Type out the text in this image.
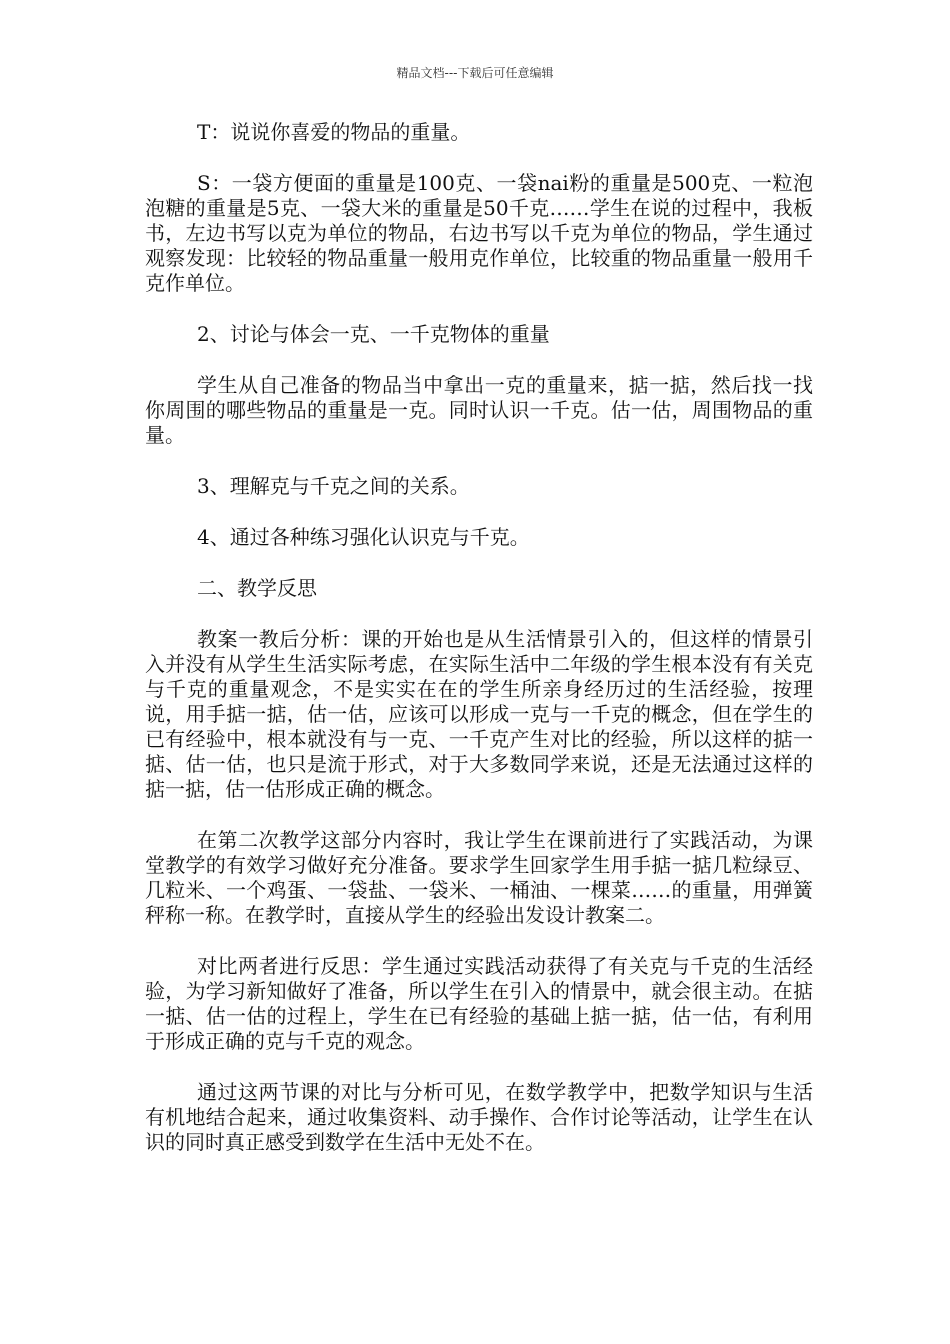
精品文档---下载后可任意编辑

T：说说你喜爱的物品的重量。

S：一袋方便面的重量是100克、一袋nai粉的重量是500克、一粒泡泡糖的重量是5克、一袋大米的重量是50千克……学生在说的过程中，我板书，左边书写以克为单位的物品，右边书写以千克为单位的物品，学生通过观察发现：比较轻的物品重量一般用克作单位，比较重的物品重量一般用千克作单位。

2、讨论与体会一克、一千克物体的重量

学生从自己准备的物品当中拿出一克的重量来，掂一掂，然后找一找你周围的哪些物品的重量是一克。同时认识一千克。估一估，周围物品的重量。

3、理解克与千克之间的关系。

4、通过各种练习强化认识克与千克。

二、教学反思

教案一教后分析：课的开始也是从生活情景引入的，但这样的情景引入并没有从学生生活实际考虑，在实际生活中二年级的学生根本没有有关克与千克的重量观念，不是实实在在的学生所亲身经历过的生活经验，按理说，用手掂一掂，估一估，应该可以形成一克与一千克的概念，但在学生的已有经验中，根本就没有与一克、一千克产生对比的经验，所以这样的掂一掂、估一估，也只是流于形式，对于大多数同学来说，还是无法通过这样的掂一掂，估一估形成正确的概念。

在第二次教学这部分内容时，我让学生在课前进行了实践活动，为课堂教学的有效学习做好充分准备。要求学生回家学生用手掂一掂几粒绿豆、几粒米、一个鸡蛋、一袋盐、一袋米、一桶油、一棵菜……的重量，用弹簧秤称一称。在教学时，直接从学生的经验出发设计教案二。

对比两者进行反思：学生通过实践活动获得了有关克与千克的生活经验，为学习新知做好了准备，所以学生在引入的情景中，就会很主动。在掂一掂、估一估的过程上，学生在已有经验的基础上掂一掂，估一估，有利用于形成正确的克与千克的观念。

通过这两节课的对比与分析可见，在数学教学中，把数学知识与生活有机地结合起来，通过收集资料、动手操作、合作讨论等活动，让学生在认识的同时真正感受到数学在生活中无处不在。
